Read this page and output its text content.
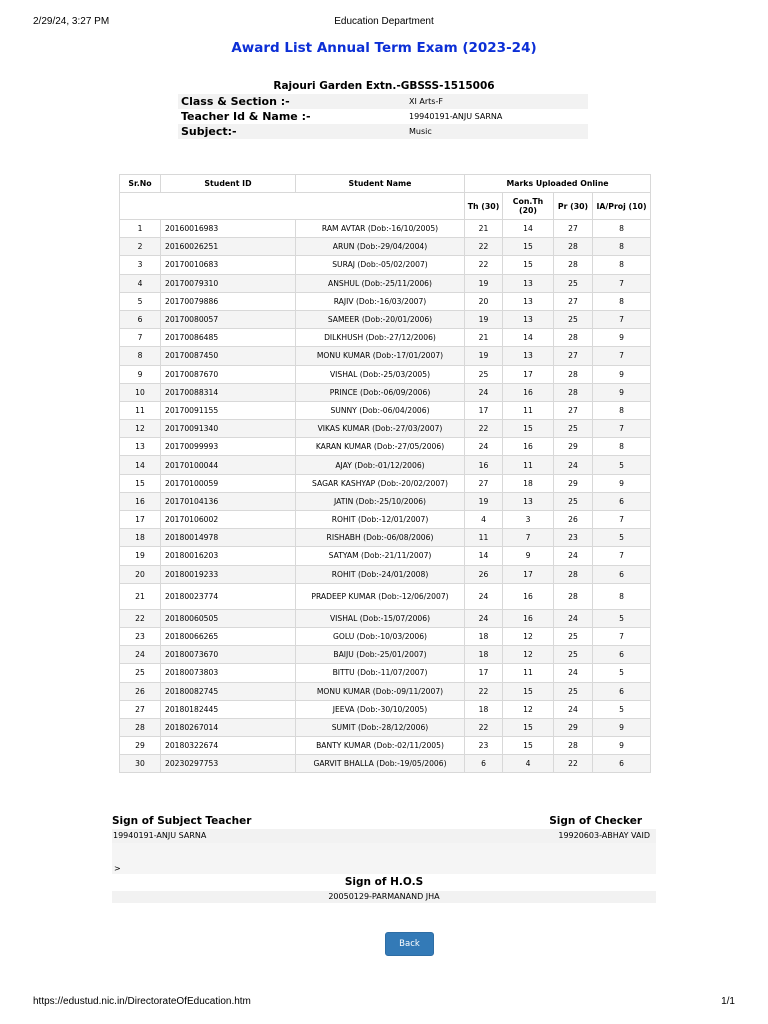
2/29/24, 3:27 PM	Education Department
Award List Annual Term Exam (2023-24)
Rajouri Garden Extn.-GBSSS-1515006
Class & Section :-	XI Arts-F
Teacher Id & Name :-	19940191-ANJU SARNA
Subject:-	Music
Sr.No	Student ID	Student Name	Marks Uploaded Online			
			Th (30)	Con.Th (20)	Pr (30)	IA/Proj (10)
1	20160016983	RAM AVTAR (Dob:-16/10/2005)	21	14	27	8
2	20160026251	ARUN (Dob:-29/04/2004)	22	15	28	8
3	20170010683	SURAJ (Dob:-05/02/2007)	22	15	28	8
4	20170079310	ANSHUL (Dob:-25/11/2006)	19	13	25	7
5	20170079886	RAJIV (Dob:-16/03/2007)	20	13	27	8
6	20170080057	SAMEER (Dob:-20/01/2006)	19	13	25	7
7	20170086485	DILKHUSH (Dob:-27/12/2006)	21	14	28	9
8	20170087450	MONU KUMAR (Dob:-17/01/2007)	19	13	27	7
9	20170087670	VISHAL (Dob:-25/03/2005)	25	17	28	9
10	20170088314	PRINCE (Dob:-06/09/2006)	24	16	28	9
11	20170091155	SUNNY (Dob:-06/04/2006)	17	11	27	8
12	20170091340	VIKAS KUMAR (Dob:-27/03/2007)	22	15	25	7
13	20170099993	KARAN KUMAR (Dob:-27/05/2006)	24	16	29	8
14	20170100044	AJAY (Dob:-01/12/2006)	16	11	24	5
15	20170100059	SAGAR KASHYAP (Dob:-20/02/2007)	27	18	29	9
16	20170104136	JATIN (Dob:-25/10/2006)	19	13	25	6
17	20170106002	ROHIT (Dob:-12/01/2007)	4	3	26	7
18	20180014978	RISHABH (Dob:-06/08/2006)	11	7	23	5
19	20180016203	SATYAM (Dob:-21/11/2007)	14	9	24	7
20	20180019233	ROHIT (Dob:-24/01/2008)	26	17	28	6
21	20180023774	PRADEEP KUMAR (Dob:-12/06/2007)	24	16	28	8
22	20180060505	VISHAL (Dob:-15/07/2006)	24	16	24	5
23	20180066265	GOLU (Dob:-10/03/2006)	18	12	25	7
24	20180073670	BAIJU (Dob:-25/01/2007)	18	12	25	6
25	20180073803	BITTU (Dob:-11/07/2007)	17	11	24	5
26	20180082745	MONU KUMAR (Dob:-09/11/2007)	22	15	25	6
27	20180182445	JEEVA (Dob:-30/10/2005)	18	12	24	5
28	20180267014	SUMIT (Dob:-28/12/2006)	22	15	29	9
29	20180322674	BANTY KUMAR (Dob:-02/11/2005)	23	15	28	9
30	20230297753	GARVIT BHALLA (Dob:-19/05/2006)	6	4	22	6
Sign of Subject Teacher	Sign of Checker
19940191-ANJU SARNA	19920603-ABHAY VAID
>
Sign of H.O.S
20050129-PARMANAND JHA
Back
https://edustud.nic.in/DirectorateOfEducation.htm	1/1
